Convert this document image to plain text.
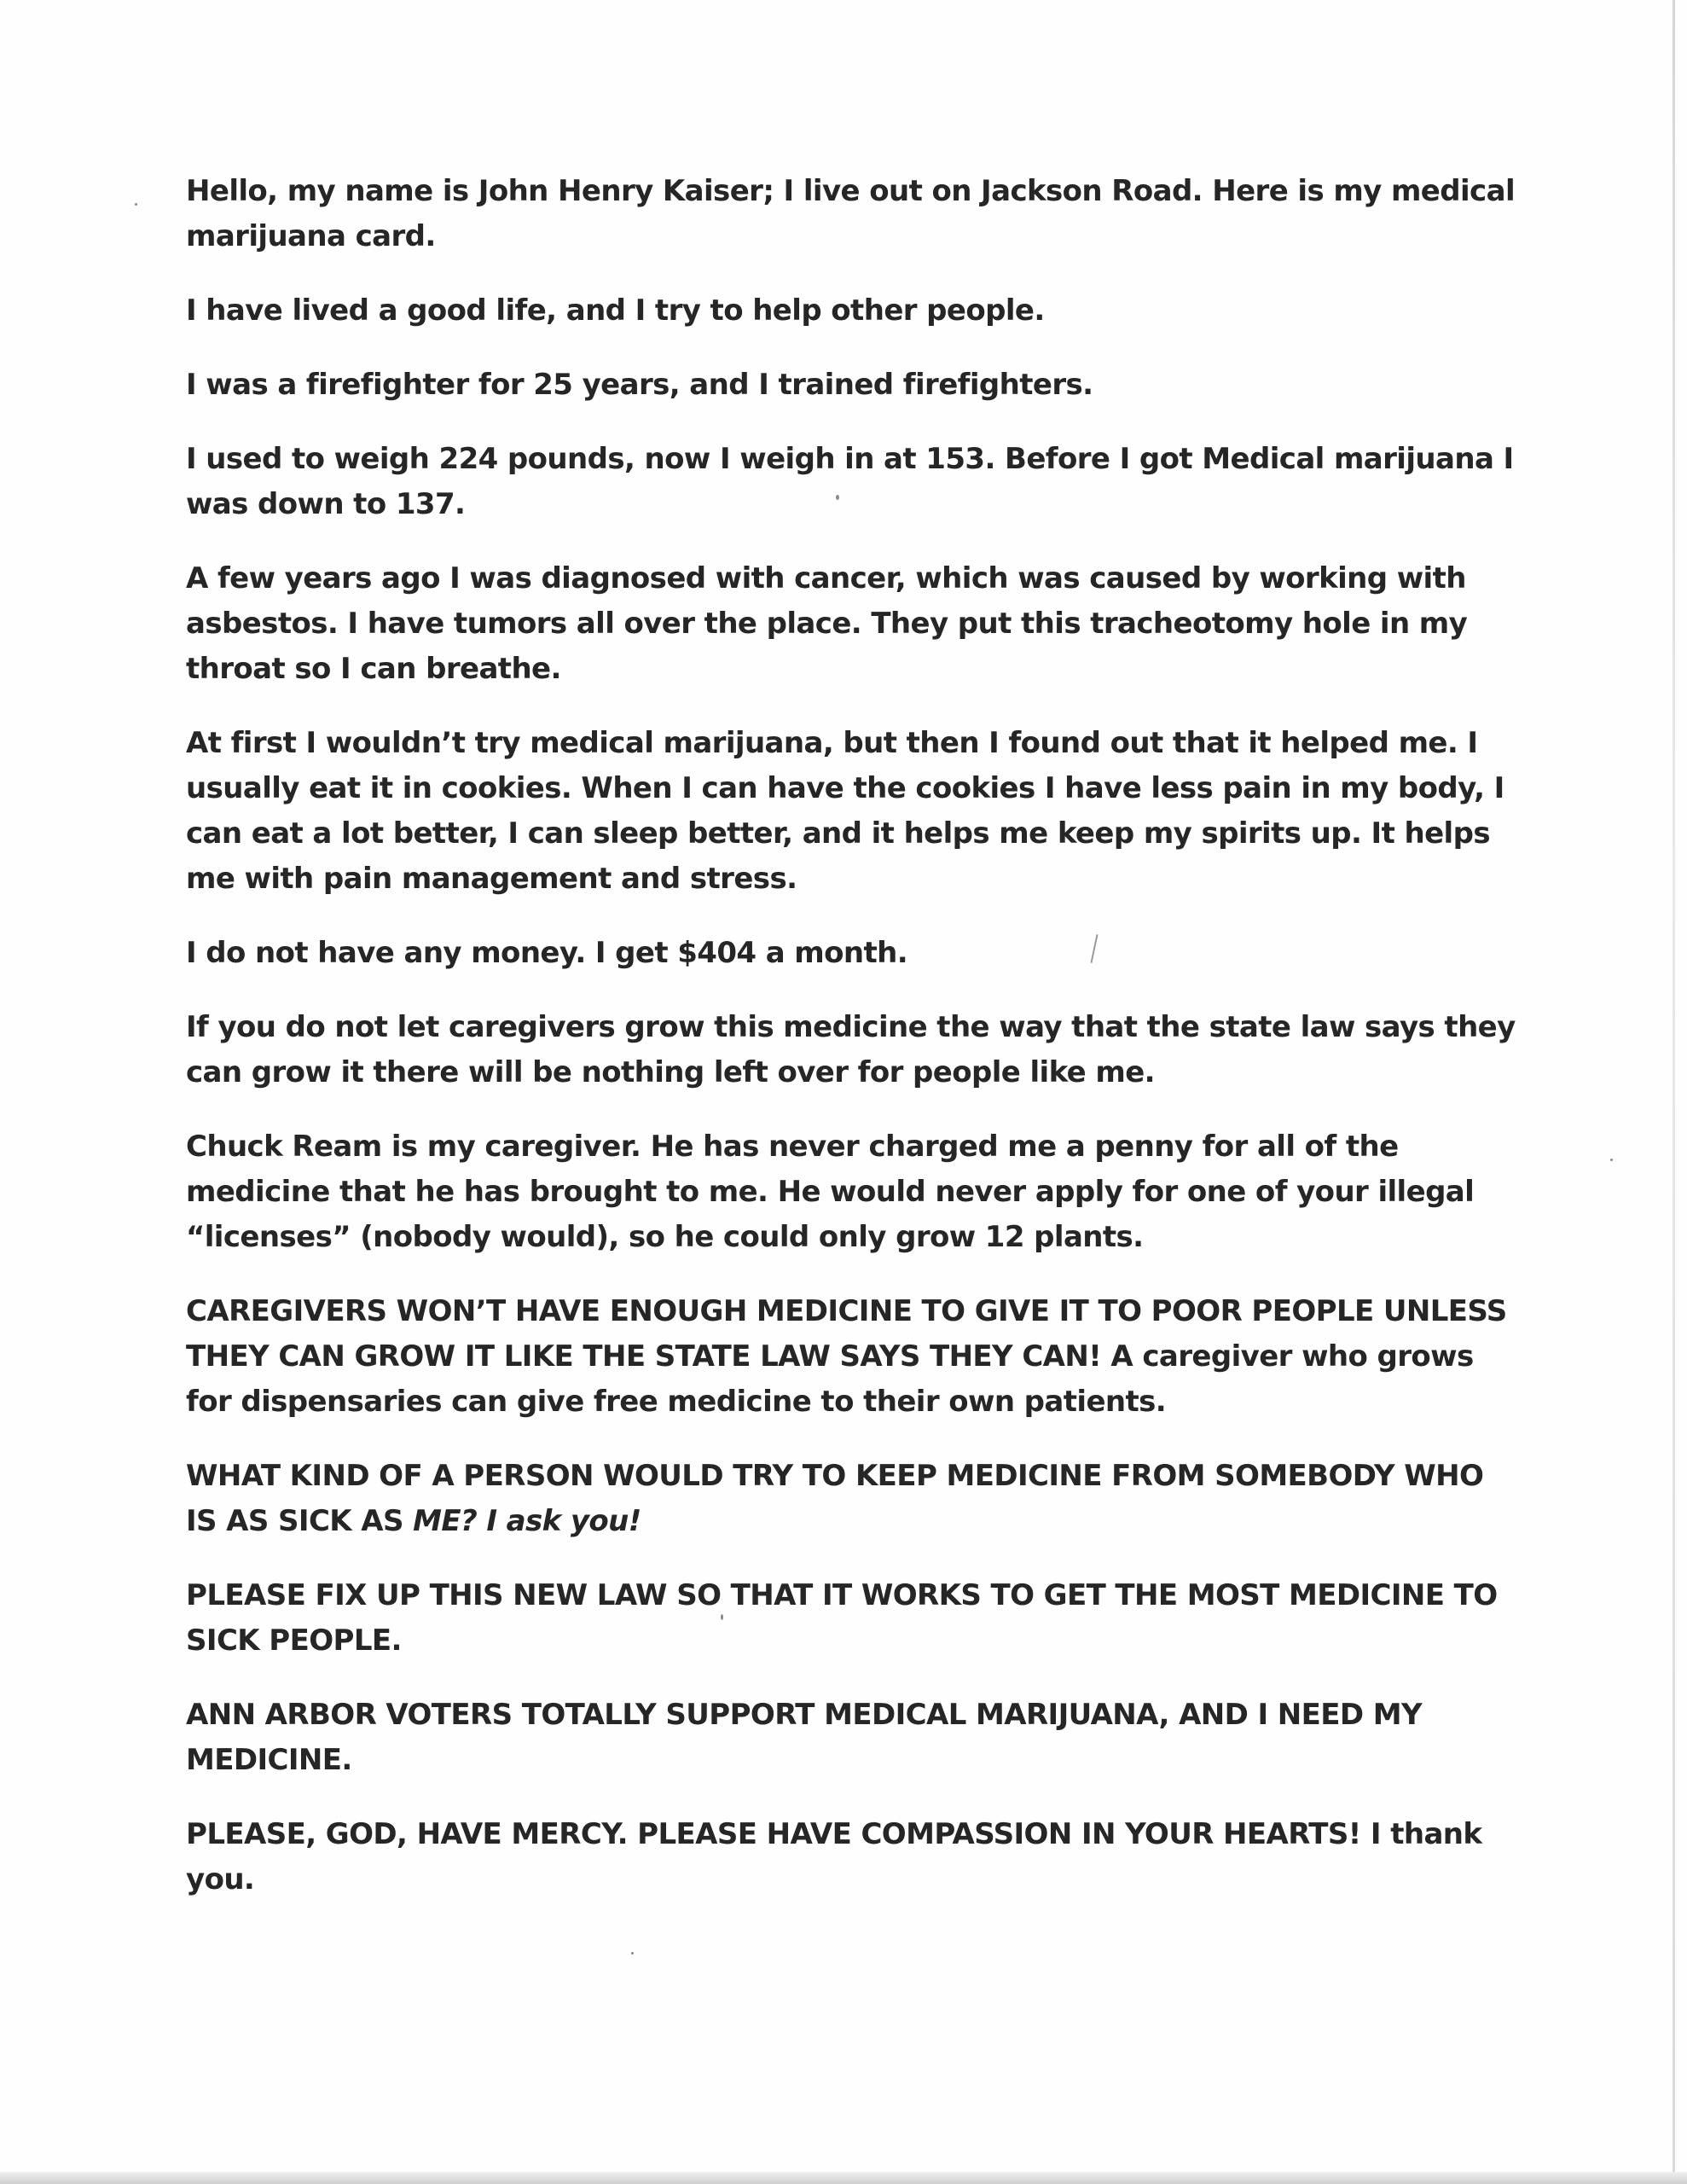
Hello, my name is John Henry Kaiser; I live out on Jackson Road. Here is my medical marijuana card.

I have lived a good life, and I try to help other people.

I was a firefighter for 25 years, and I trained firefighters.

I used to weigh 224 pounds, now I weigh in at 153. Before I got Medical marijuana I was down to 137.

A few years ago I was diagnosed with cancer, which was caused by working with asbestos. I have tumors all over the place. They put this tracheotomy hole in my throat so I can breathe.

At first I wouldn’t try medical marijuana, but then I found out that it helped me. I usually eat it in cookies. When I can have the cookies I have less pain in my body, I can eat a lot better, I can sleep better, and it helps me keep my spirits up. It helps me with pain management and stress.

I do not have any money. I get $404 a month.

If you do not let caregivers grow this medicine the way that the state law says they can grow it there will be nothing left over for people like me.

Chuck Ream is my caregiver. He has never charged me a penny for all of the medicine that he has brought to me. He would never apply for one of your illegal “licenses” (nobody would), so he could only grow 12 plants.

CAREGIVERS WON’T HAVE ENOUGH MEDICINE TO GIVE IT TO POOR PEOPLE UNLESS THEY CAN GROW IT LIKE THE STATE LAW SAYS THEY CAN! A caregiver who grows for dispensaries can give free medicine to their own patients.

WHAT KIND OF A PERSON WOULD TRY TO KEEP MEDICINE FROM SOMEBODY WHO IS AS SICK AS ME? I ask you!

PLEASE FIX UP THIS NEW LAW SO THAT IT WORKS TO GET THE MOST MEDICINE TO SICK PEOPLE.

ANN ARBOR VOTERS TOTALLY SUPPORT MEDICAL MARIJUANA, AND I NEED MY MEDICINE.

PLEASE, GOD, HAVE MERCY. PLEASE HAVE COMPASSION IN YOUR HEARTS! I thank you.
